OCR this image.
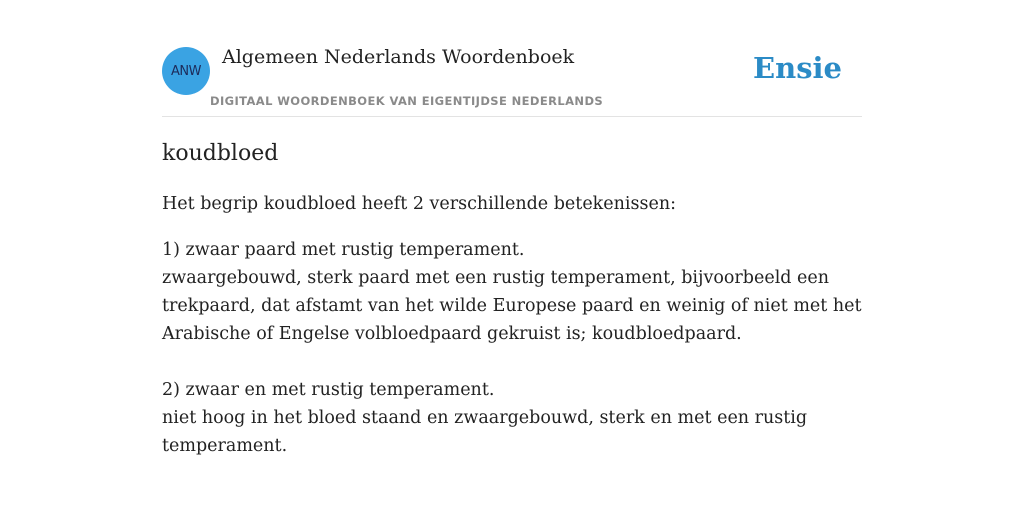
ANW
Algemeen Nederlands Woordenboek
DIGITAAL WOORDENBOEK VAN EIGENTIJDSE NEDERLANDS
Ensie
koudbloed

Het begrip koudbloed heeft 2 verschillende betekenissen:

1) zwaar paard met rustig temperament.
zwaargebouwd, sterk paard met een rustig temperament, bijvoorbeeld een trekpaard, dat afstamt van het wilde Europese paard en weinig of niet met het Arabische of Engelse volbloedpaard gekruist is; koudbloedpaard.

2) zwaar en met rustig temperament.
niet hoog in het bloed staand en zwaargebouwd, sterk en met een rustig temperament.
